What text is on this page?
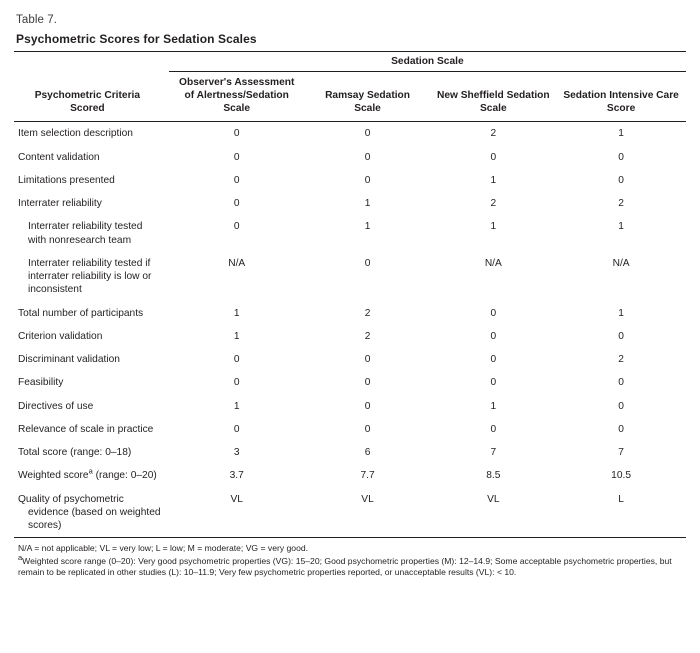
Table 7.
Psychometric Scores for Sedation Scales
	Sedation Scale			

Psychometric Criteria Scored	Observer's Assessment of Alertness/Sedation Scale	Ramsay Sedation Scale	New Sheffield Sedation Scale	Sedation Intensive Care Score

Item selection description	0	0	2	1

Content validation	0	0	0	0

Limitations presented	0	0	1	0

Interrater reliability	0	1	2	2

Interrater reliability tested with nonresearch team	0	1	1	1

Interrater reliability tested if interrater reliability is low or inconsistent	N/A	0	N/A	N/A

Total number of participants	1	2	0	1

Criterion validation	1	2	0	0

Discriminant validation	0	0	0	2

Feasibility	0	0	0	0

Directives of use	1	0	1	0

Relevance of scale in practice	0	0	0	0

Total score (range: 0–18)	3	6	7	7

Weighted score$^a$ (range: 0–20)	3.7	7.7	8.5	10.5

Quality of psychometric evidence (based on weighted scores)	VL	VL	VL	L

N/A = not applicable; VL = very low; L = low; M = moderate; VG = very good.

$^a$Weighted score range (0–20): Very good psychometric properties (VG): 15–20; Good psychometric properties (M): 12–14.9; Some acceptable psychometric properties, but remain to be replicated in other studies (L): 10–11.9; Very few psychometric properties reported, or unacceptable results (VL): < 10.
